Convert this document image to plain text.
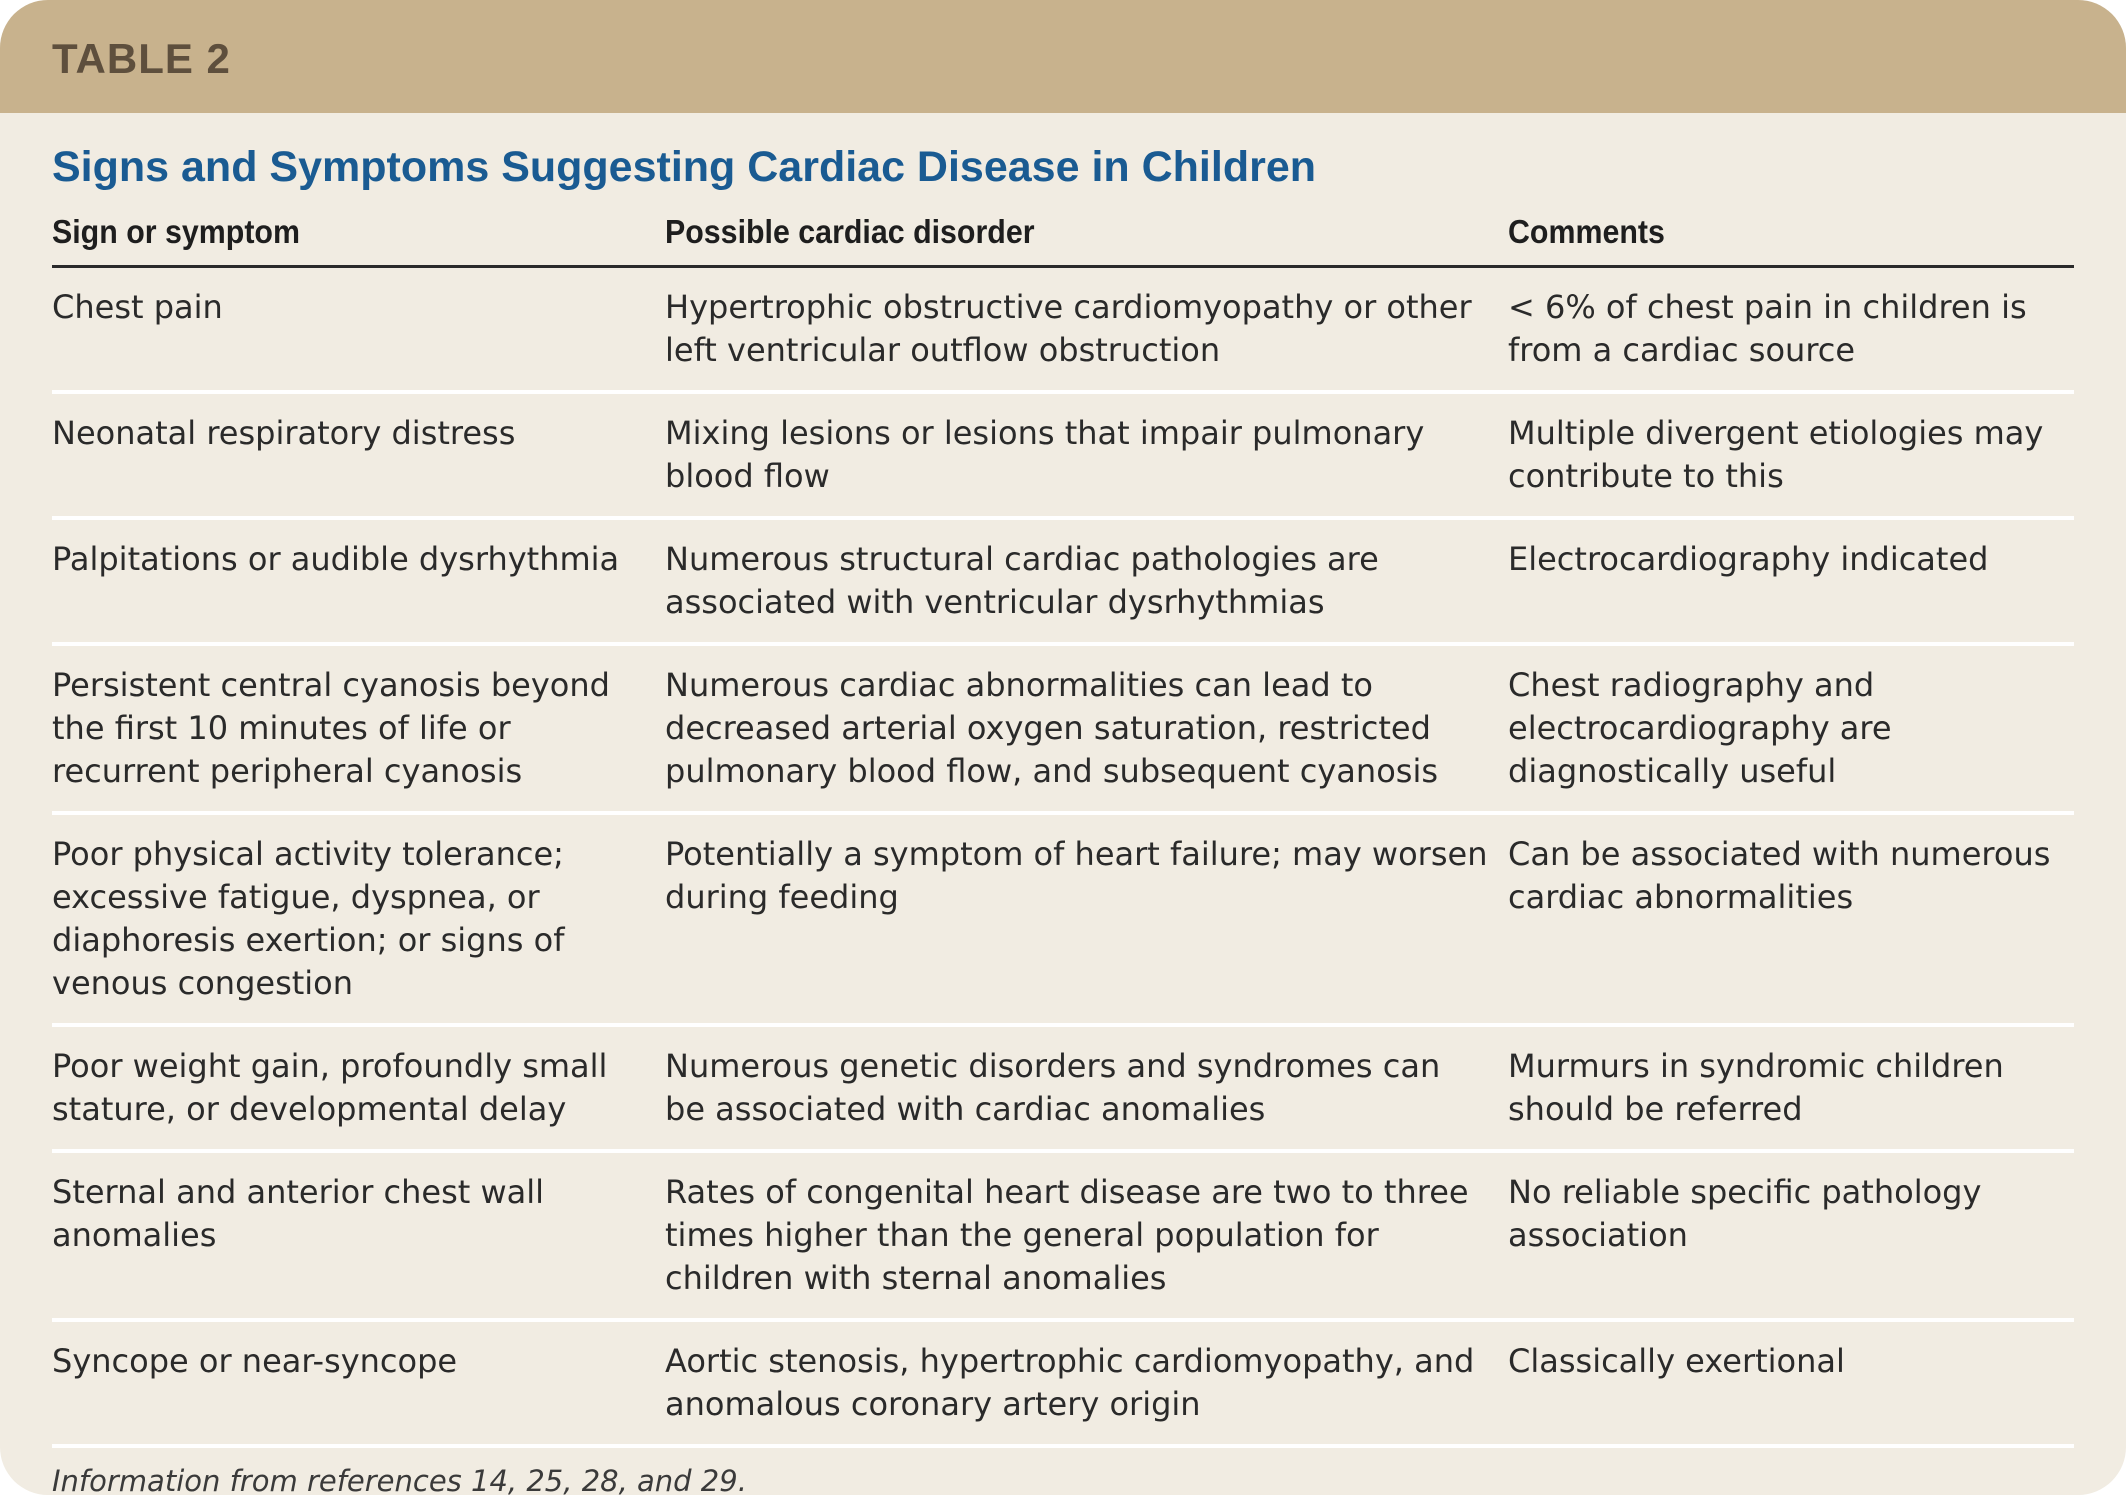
TABLE 2
Signs and Symptoms Suggesting Cardiac Disease in Children
Sign or symptom	Possible cardiac disorder	Comments
Chest pain	Hypertrophic obstructive cardiomyopathy or other left ventricular outflow obstruction	< 6% of chest pain in children is from a cardiac source
Neonatal respiratory distress	Mixing lesions or lesions that impair pulmonary blood flow	Multiple divergent etiologies may contribute to this
Palpitations or audible dysrhythmia	Numerous structural cardiac pathologies are associated with ventricular dysrhythmias	Electrocardiography indicated
Persistent central cyanosis beyond the first 10 minutes of life or recurrent peripheral cyanosis	Numerous cardiac abnormalities can lead to decreased arterial oxygen saturation, restricted pulmonary blood flow, and subsequent cyanosis	Chest radiography and electrocardiography are diagnostically useful
Poor physical activity tolerance; excessive fatigue, dyspnea, or diaphoresis exertion; or signs of venous congestion	Potentially a symptom of heart failure; may worsen during feeding	Can be associated with numerous cardiac abnormalities
Poor weight gain, profoundly small stature, or developmental delay	Numerous genetic disorders and syndromes can be associated with cardiac anomalies	Murmurs in syndromic children should be referred
Sternal and anterior chest wall anomalies	Rates of congenital heart disease are two to three times higher than the general population for children with sternal anomalies	No reliable specific pathology association
Syncope or near-syncope	Aortic stenosis, hypertrophic cardiomyopathy, and anomalous coronary artery origin	Classically exertional
Information from references 14, 25, 28, and 29.
